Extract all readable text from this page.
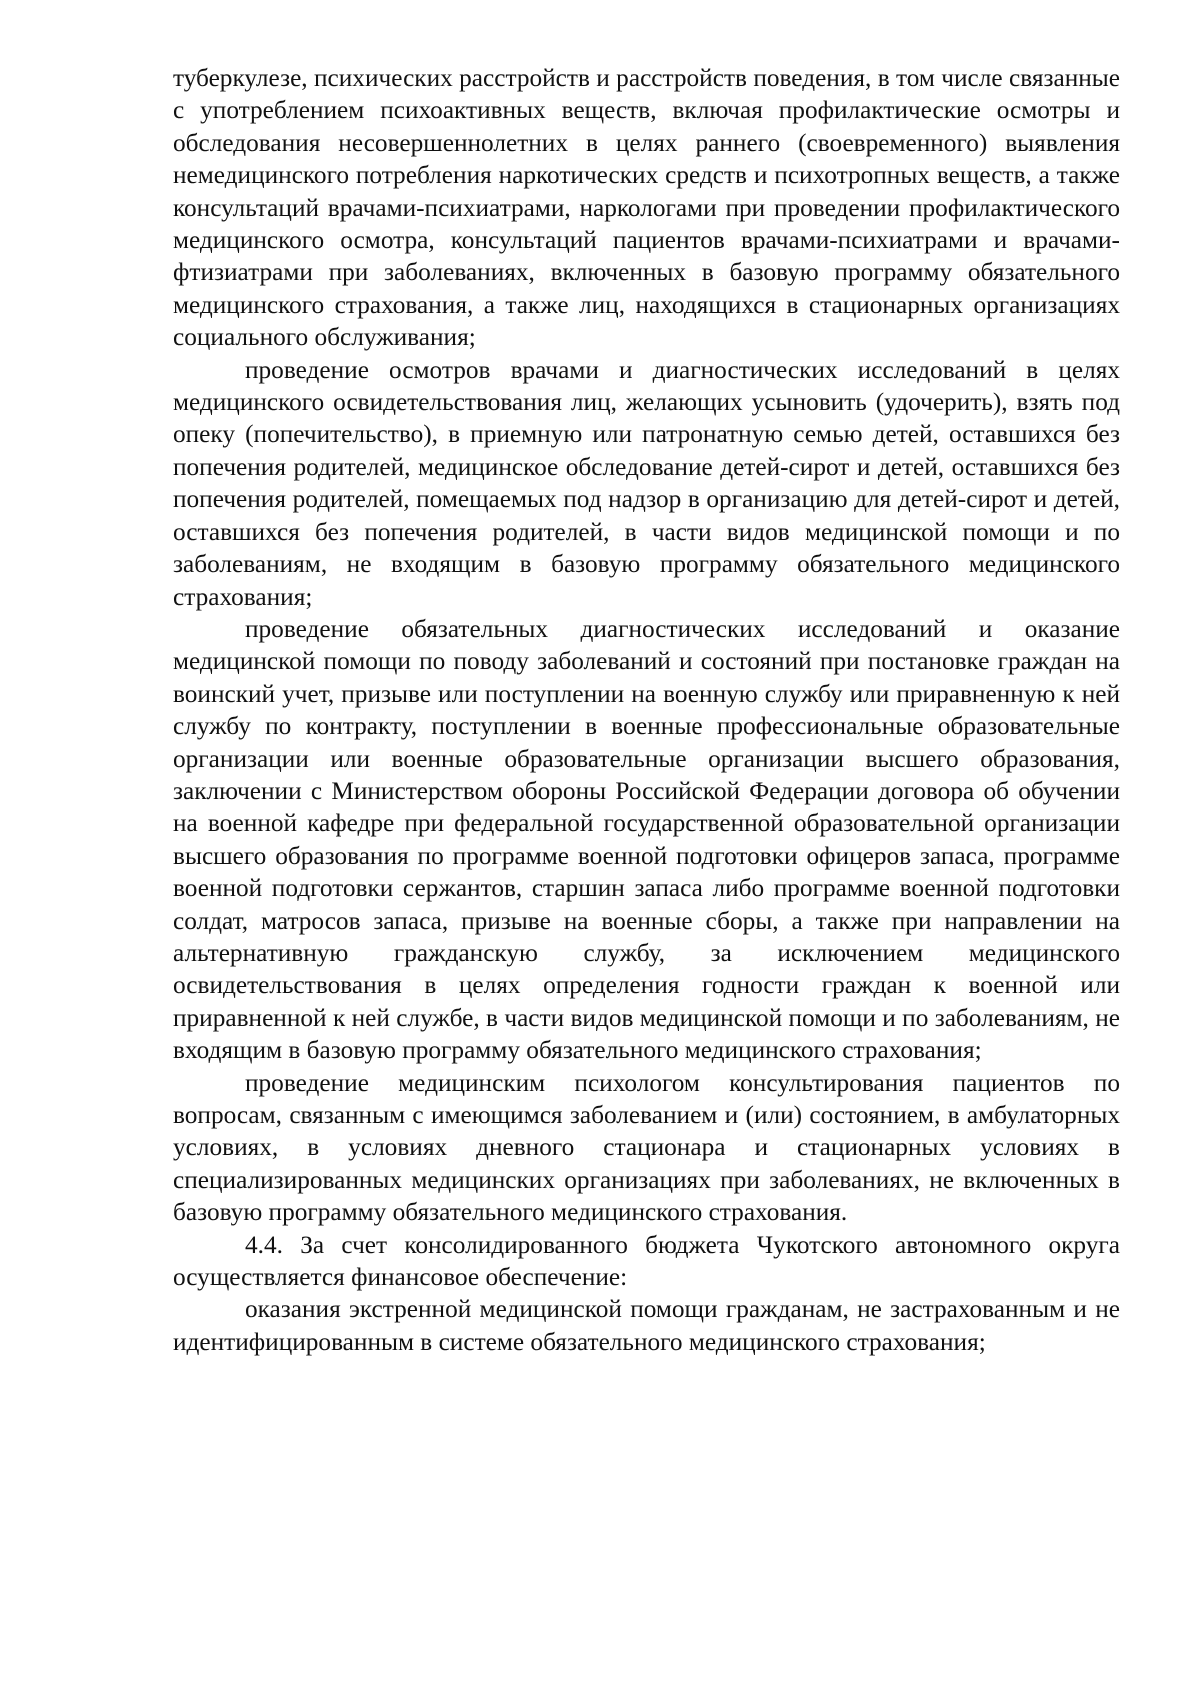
туберкулезе, психических расстройств и расстройств поведения, в том числе связанные с употреблением психоактивных веществ, включая профилактические осмотры и обследования несовершеннолетних в целях раннего (своевременного) выявления немедицинского потребления наркотических средств и психотропных веществ, а также консультаций врачами-психиатрами, наркологами при проведении профилактического медицинского осмотра, консультаций пациентов врачами-психиатрами и врачами-фтизиатрами при заболеваниях, включенных в базовую программу обязательного медицинского страхования, а также лиц, находящихся в стационарных организациях социального обслуживания;

проведение осмотров врачами и диагностических исследований в целях медицинского освидетельствования лиц, желающих усыновить (удочерить), взять под опеку (попечительство), в приемную или патронатную семью детей, оставшихся без попечения родителей, медицинское обследование детей-сирот и детей, оставшихся без попечения родителей, помещаемых под надзор в организацию для детей-сирот и детей, оставшихся без попечения родителей, в части видов медицинской помощи и по заболеваниям, не входящим в базовую программу обязательного медицинского страхования;

проведение обязательных диагностических исследований и оказание медицинской помощи по поводу заболеваний и состояний при постановке граждан на воинский учет, призыве или поступлении на военную службу или приравненную к ней службу по контракту, поступлении в военные профессиональные образовательные организации или военные образовательные организации высшего образования, заключении с Министерством обороны Российской Федерации договора об обучении на военной кафедре при федеральной государственной образовательной организации высшего образования по программе военной подготовки офицеров запаса, программе военной подготовки сержантов, старшин запаса либо программе военной подготовки солдат, матросов запаса, призыве на военные сборы, а также при направлении на альтернативную гражданскую службу, за исключением медицинского освидетельствования в целях определения годности граждан к военной или приравненной к ней службе, в части видов медицинской помощи и по заболеваниям, не входящим в базовую программу обязательного медицинского страхования;

проведение медицинским психологом консультирования пациентов по вопросам, связанным с имеющимся заболеванием и (или) состоянием, в амбулаторных условиях, в условиях дневного стационара и стационарных условиях в специализированных медицинских организациях при заболеваниях, не включенных в базовую программу обязательного медицинского страхования.

4.4. За счет консолидированного бюджета Чукотского автономного округа осуществляется финансовое обеспечение:

оказания экстренной медицинской помощи гражданам, не застрахованным и не идентифицированным в системе обязательного медицинского страхования;
